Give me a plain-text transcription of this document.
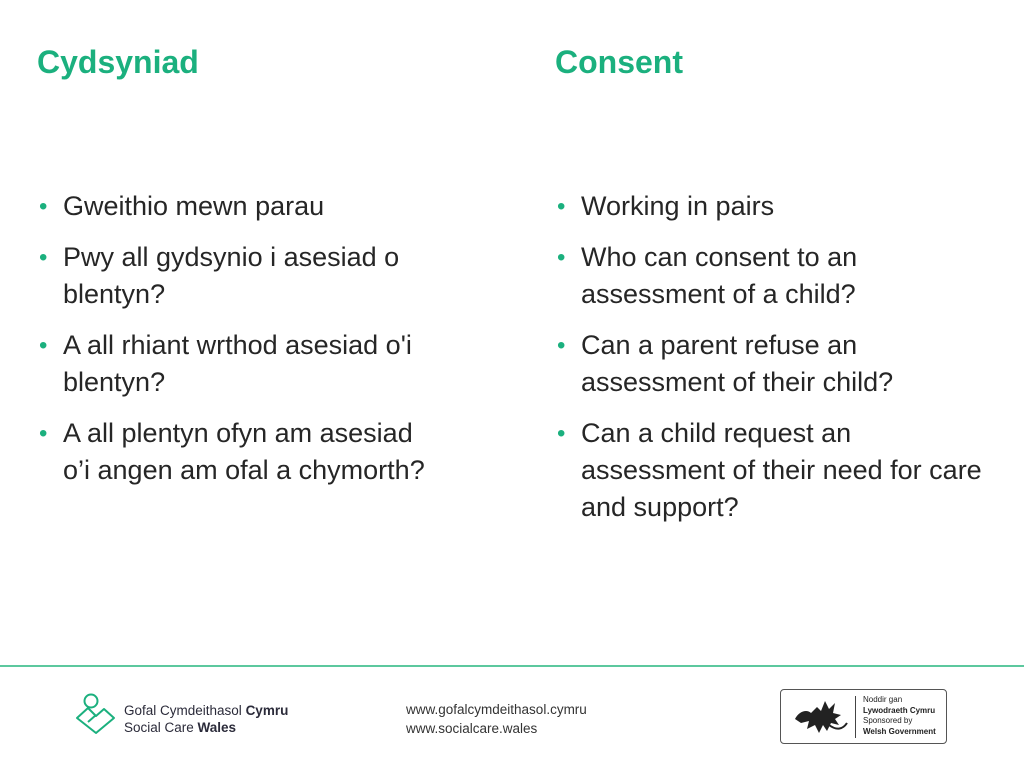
Cydsyniad	Consent
• Gweithio mewn parau
• Pwy all gydsynio i asesiad o blentyn?
• A all rhiant wrthod asesiad o'i blentyn?
• A all plentyn ofyn am asesiad o’i angen am ofal a chymorth?
• Working in pairs
• Who can consent to an assessment of a child?
• Can a parent refuse an assessment of their child?
• Can a child request an assessment of their need for care and support?
Gofal Cymdeithasol Cymru
Social Care Wales
www.gofalcymdeithasol.cymru
www.socialcare.wales
Noddir gan
Lywodraeth Cymru
Sponsored by
Welsh Government
